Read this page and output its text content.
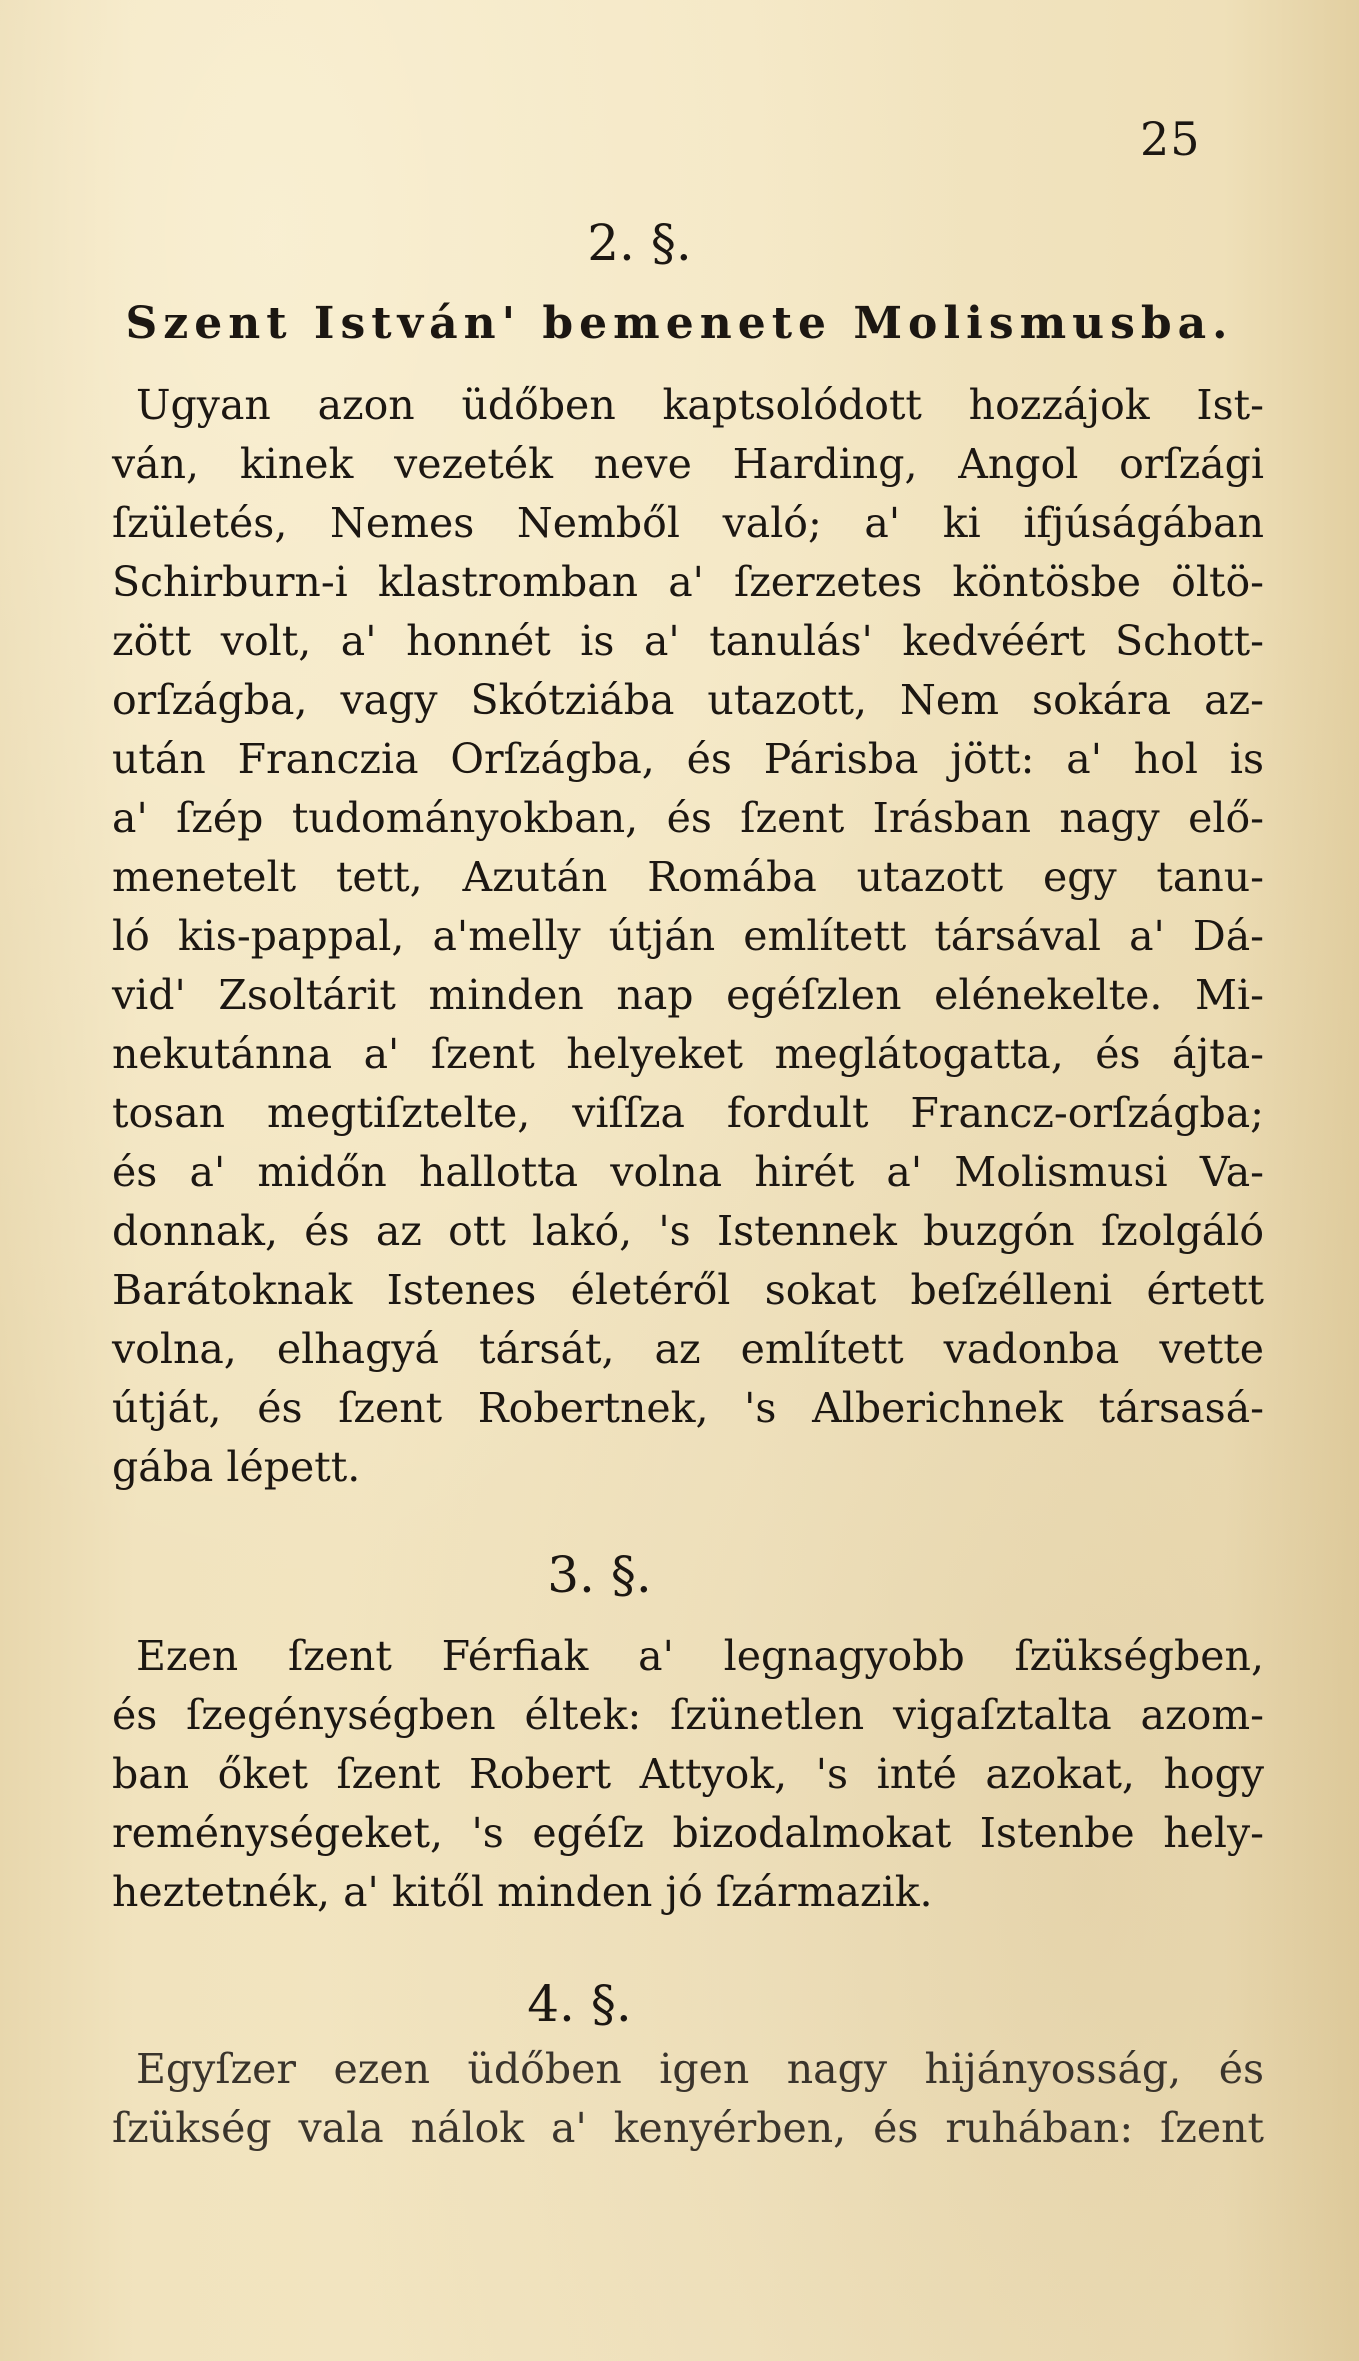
25
2. §.
Szent István' bemenete Molismusba.
Ugyan azon üdőben kaptsolódott hozzájok Ist-
ván, kinek vezeték neve Harding, Angol orſzági
ſzületés, Nemes Nemből való; a' ki ifjúságában
Schirburn-i klastromban a' ſzerzetes köntösbe öltö-
zött volt, a' honnét is a' tanulás' kedvéért Schott-
orſzágba, vagy Skótziába utazott, Nem sokára az-
után Franczia Orſzágba, és Párisba jött: a' hol is
a' ſzép tudományokban, és ſzent Irásban nagy elő-
menetelt tett, Azután Romába utazott egy tanu-
ló kis-pappal, a'melly útján említett társával a' Dá-
vid' Zsoltárit minden nap egéſzlen elénekelte. Mi-
nekutánna a' ſzent helyeket meglátogatta, és ájta-
tosan megtiſztelte, viſſza fordult Francz-orſzágba;
és a' midőn hallotta volna hirét a' Molismusi Va-
donnak, és az ott lakó, 's Istennek buzgón ſzolgáló
Barátoknak Istenes életéről sokat beſzélleni értett
volna, elhagyá társát, az említett vadonba vette
útját, és ſzent Robertnek, 's Alberichnek társasá-
gába lépett.
3. §.
Ezen ſzent Férfiak a' legnagyobb ſzükségben,
és ſzegénységben éltek: ſzünetlen vigaſztalta azom-
ban őket ſzent Robert Attyok, 's inté azokat, hogy
reménységeket, 's egéſz bizodalmokat Istenbe hely-
heztetnék, a' kitől minden jó ſzármazik.
4. §.
Egyſzer ezen üdőben igen nagy hijányosság, és
ſzükség vala nálok a' kenyérben, és ruhában: ſzent
